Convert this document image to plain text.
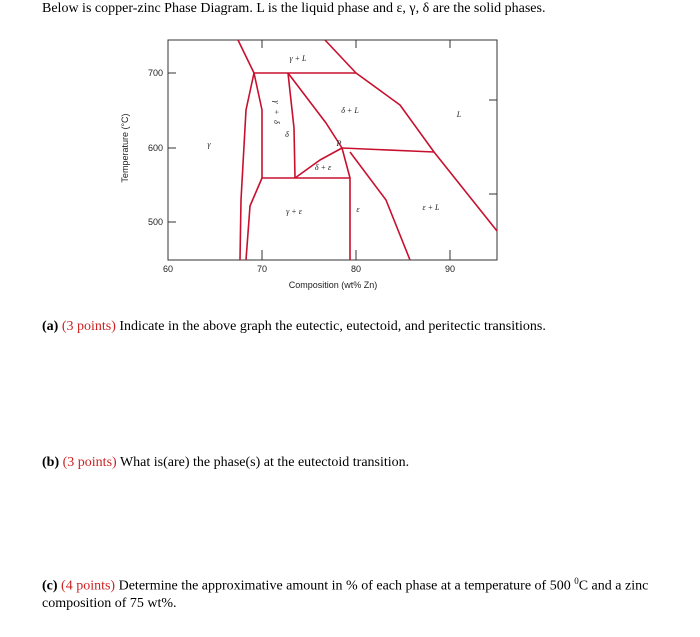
Below is copper-zinc Phase Diagram. L is the liquid phase and ε, γ, δ are the solid phases.
700
600
500
60	70	80	90
Composition (wt% Zn)
Temperature (°C)
γ + L
δ + L	L
γ
δ
δ + ε
P
γ + ε	ε	ε + L
γ
+
δ
(a) (3 points) Indicate in the above graph the eutectic, eutectoid, and peritectic transitions.
(b) (3 points) What is(are) the phase(s) at the eutectoid transition.
(c) (4 points) Determine the approximative amount in % of each phase at a temperature of 500 $^0$C and a zinc
composition of 75 wt%.
